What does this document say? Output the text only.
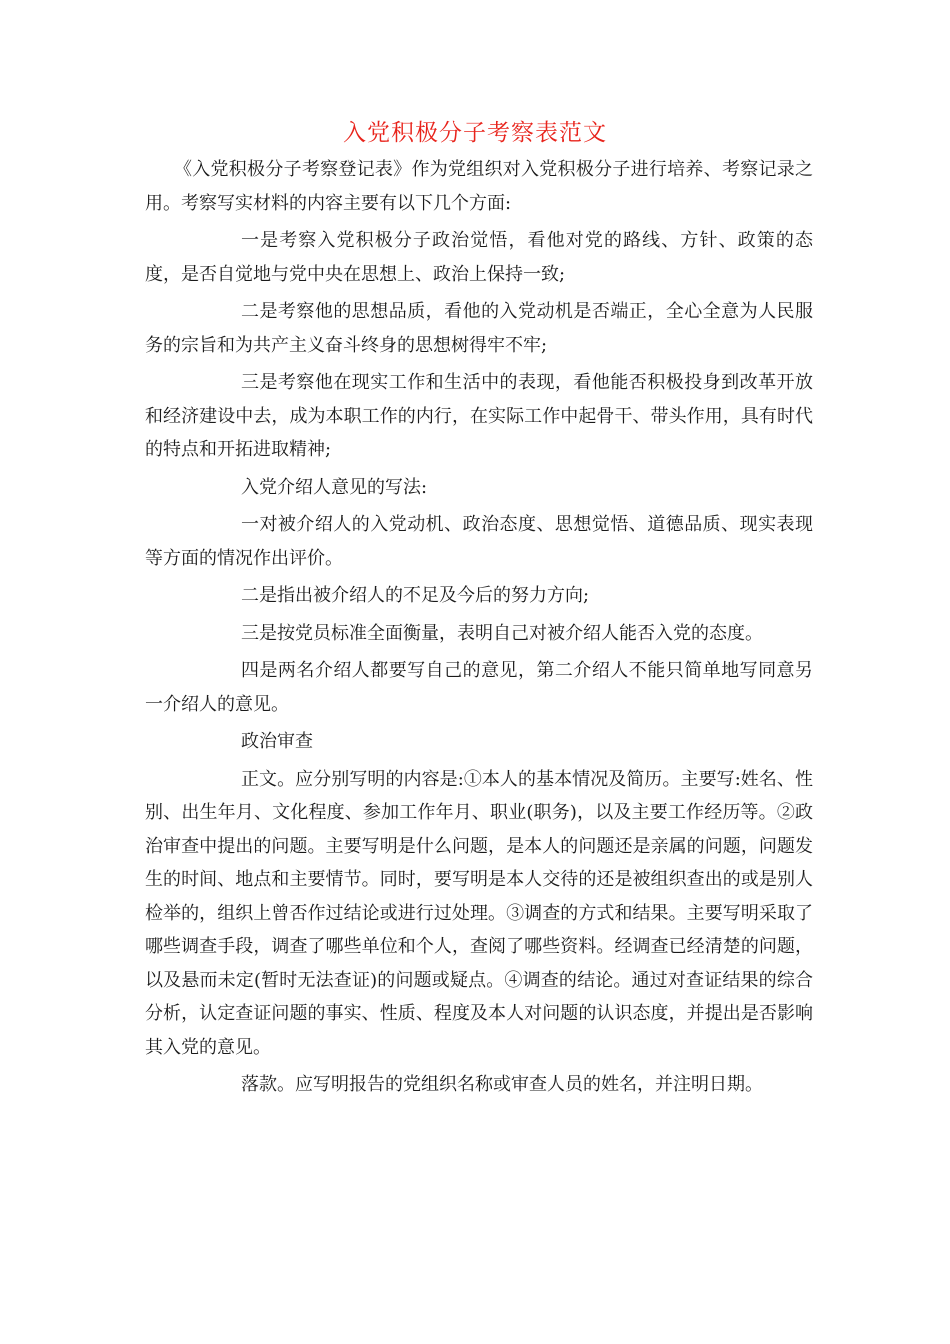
入党积极分子考察表范文

《入党积极分子考察登记表》作为党组织对入党积极分子进行培养、考察记录之用。考察写实材料的内容主要有以下几个方面:

一是考察入党积极分子政治觉悟，看他对党的路线、方针、政策的态度，是否自觉地与党中央在思想上、政治上保持一致;

二是考察他的思想品质，看他的入党动机是否端正，全心全意为人民服务的宗旨和为共产主义奋斗终身的思想树得牢不牢;

三是考察他在现实工作和生活中的表现，看他能否积极投身到改革开放和经济建设中去，成为本职工作的内行，在实际工作中起骨干、带头作用，具有时代的特点和开拓进取精神;

入党介绍人意见的写法:

一对被介绍人的入党动机、政治态度、思想觉悟、道德品质、现实表现等方面的情况作出评价。

二是指出被介绍人的不足及今后的努力方向;

三是按党员标准全面衡量，表明自己对被介绍人能否入党的态度。

四是两名介绍人都要写自己的意见，第二介绍人不能只简单地写同意另一介绍人的意见。

政治审查

正文。应分别写明的内容是:①本人的基本情况及简历。主要写:姓名、性别、出生年月、文化程度、参加工作年月、职业(职务)，以及主要工作经历等。②政治审查中提出的问题。主要写明是什么问题，是本人的问题还是亲属的问题，问题发生的时间、地点和主要情节。同时，要写明是本人交待的还是被组织查出的或是别人检举的，组织上曾否作过结论或进行过处理。③调查的方式和结果。主要写明采取了哪些调查手段，调查了哪些单位和个人，查阅了哪些资料。经调查已经清楚的问题，以及悬而未定(暂时无法查证)的问题或疑点。④调查的结论。通过对查证结果的综合分析，认定查证问题的事实、性质、程度及本人对问题的认识态度，并提出是否影响其入党的意见。

落款。应写明报告的党组织名称或审查人员的姓名，并注明日期。
